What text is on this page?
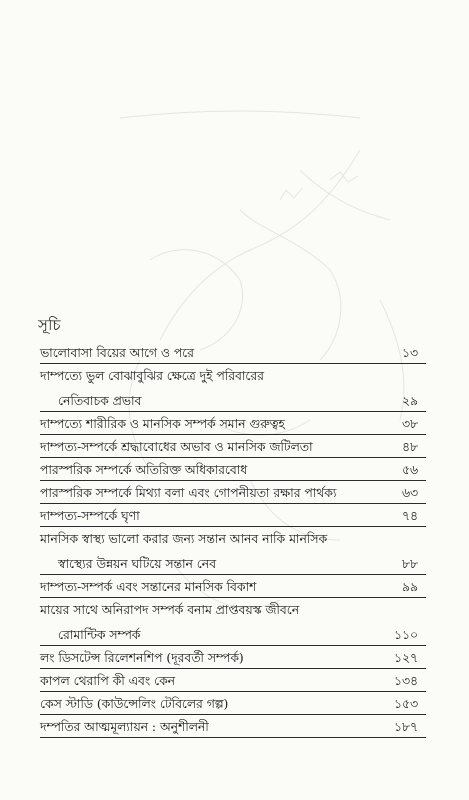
সূচি
ভালোবাসা বিয়ের আগে ও পরে	১৩
দাম্পত্যে ভুল বোঝাবুঝির ক্ষেত্রে দুই পরিবারের
নেতিবাচক প্রভাব	২৯
দাম্পত্যে শারীরিক ও মানসিক সম্পর্ক সমান গুরুত্বহ	৩৮
দাম্পত্য-সম্পর্কে শ্রদ্ধাবোধের অভাব ও মানসিক জটিলতা	৪৮
পারস্পরিক সম্পর্কে অতিরিক্ত অধিকারবোধ	৫৬
পারস্পরিক সম্পর্কে মিথ্যা বলা এবং গোপনীয়তা রক্ষার পার্থক্য	৬৩
দাম্পত্য-সম্পর্কে ঘৃণা	৭৪
মানসিক স্বাস্থ্য ভালো করার জন্য সন্তান আনব নাকি মানসিক
স্বাস্থ্যের উন্নয়ন ঘটিয়ে সন্তান নেব	৮৮
দাম্পত্য-সম্পর্ক এবং সন্তানের মানসিক বিকাশ	৯৯
মায়ের সাথে অনিরাপদ সম্পর্ক বনাম প্রাপ্তবয়স্ক জীবনে
রোমান্টিক সম্পর্ক	১১০
লং ডিসটেন্স রিলেশনশিপ (দূরবর্তী সম্পর্ক)	১২৭
কাপল থেরাপি কী এবং কেন	১৩৪
কেস স্টাডি (কাউন্সেলিং টেবিলের গল্প)	১৫৩
দম্পতির আত্মমূল্যায়ন : অনুশীলনী	১৮৭
